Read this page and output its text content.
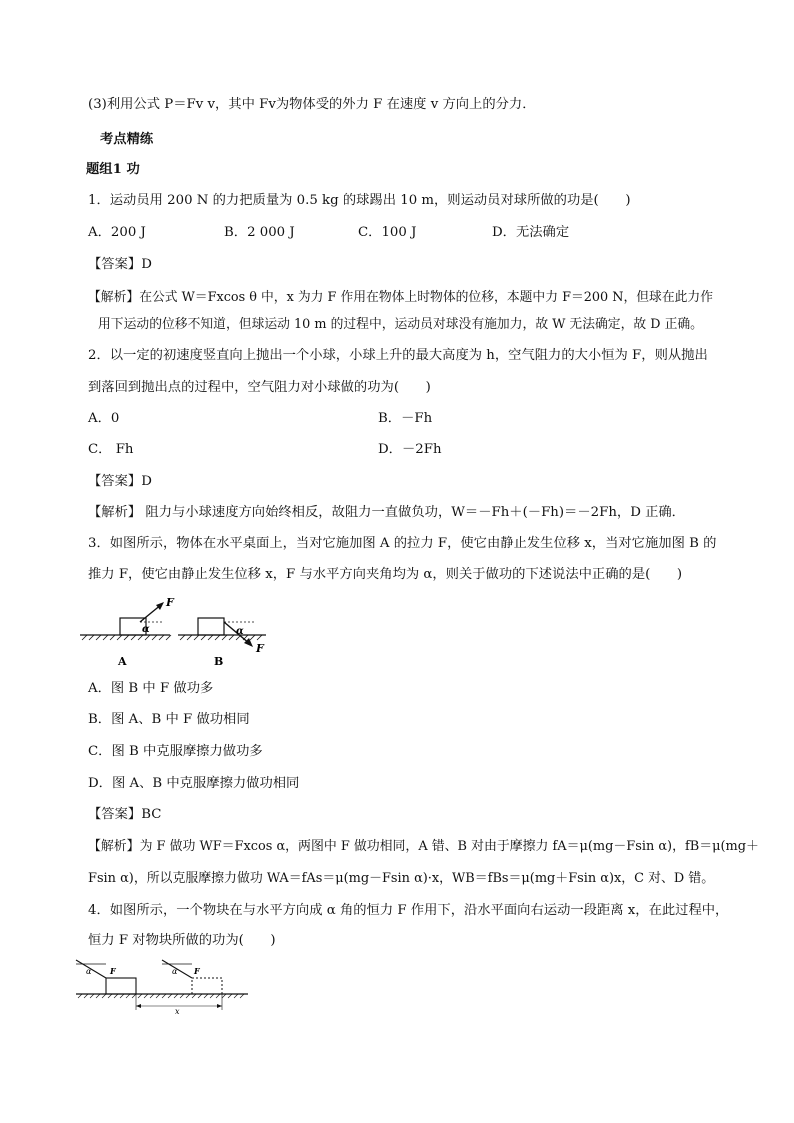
(3)利用公式 P＝Fv v，其中 Fv为物体受的外力 F 在速度 v 方向上的分力．
考点精练
题组1 功
1．运动员用 200 N 的力把质量为 0.5 kg 的球踢出 10 m，则运动员对球所做的功是(　　)
A．200 J	B．2 000 J	C．100 J	D．无法确定
【答案】D
【解析】在公式 W＝Fxcos θ 中，x 为力 F 作用在物体上时物体的位移，本题中力 F＝200 N，但球在此力作
用下运动的位移不知道，但球运动 10 m 的过程中，运动员对球没有施加力，故 W 无法确定，故 D 正确。
2．以一定的初速度竖直向上抛出一个小球，小球上升的最大高度为 h，空气阻力的大小恒为 F，则从抛出
到落回到抛出点的过程中，空气阻力对小球做的功为(　　)
A．0	B．－Fh
C． Fh	D．－2Fh
【答案】D
【解析】 阻力与小球速度方向始终相反，故阻力一直做负功，W＝－Fh＋(－Fh)＝－2Fh，D 正确．
3．如图所示，物体在水平桌面上，当对它施加图 A 的拉力 F，使它由静止发生位移 x，当对它施加图 B 的
推力 F，使它由静止发生位移 x，F 与水平方向夹角均为 α，则关于做功的下述说法中正确的是(　　)
F
α
A
α
F
B
A．图 B 中 F 做功多
B．图 A、B 中 F 做功相同
C．图 B 中克服摩擦力做功多
D．图 A、B 中克服摩擦力做功相同
【答案】BC
【解析】为 F 做功 WF＝Fxcos α，两图中 F 做功相同，A 错、B 对由于摩擦力 fA＝μ(mg－Fsin α)，fB＝μ(mg＋
Fsin α)，所以克服摩擦力做功 WA＝fAs＝μ(mg－Fsin α)·x，WB＝fBs＝μ(mg＋Fsin α)x，C 对、D 错。
4．如图所示，一个物块在与水平方向成 α 角的恒力 F 作用下，沿水平面向右运动一段距离 x，在此过程中，
恒力 F 对物块所做的功为(　　)
α F	α F
x
